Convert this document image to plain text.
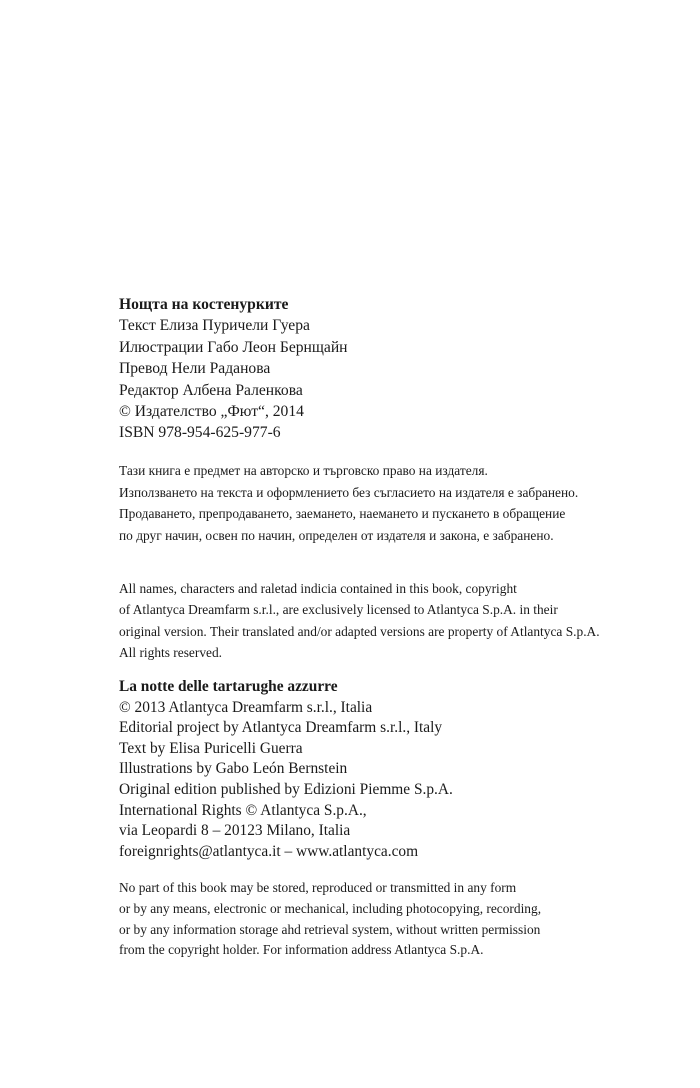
Нощта на костенурките
Текст Елиза Пуричели Гуера
Илюстрации Габо Леон Бернщайн
Превод Нели Раданова
Редактор Албена Раленкова
© Издателство „Фют“, 2014
ISBN 978-954-625-977-6
Тази книга е предмет на авторско и търговско право на издателя.
Използването на текста и оформлението без съгласието на издателя е забранено.
Продаването, препродаването, заемането, наемането и пускането в обращение
по друг начин, освен по начин, определен от издателя и закона, е забранено.
All names, characters and raletad indicia contained in this book, copyright
of Atlantyca Dreamfarm s.r.l., are exclusively licensed to Atlantyca S.p.A. in their
original version. Their translated and/or adapted versions are property of Atlantyca S.p.A.
All rights reserved.
La notte delle tartarughe azzurre
© 2013 Atlantyca Dreamfarm s.r.l., Italia
Editorial project by Atlantyca Dreamfarm s.r.l., Italy
Text by Elisa Puricelli Guerra
Illustrations by Gabo León Bernstein
Original edition published by Edizioni Piemme S.p.A.
International Rights © Atlantyca S.p.A.,
via Leopardi 8 – 20123 Milano, Italia
foreignrights@atlantyca.it – www.atlantyca.com
No part of this book may be stored, reproduced or transmitted in any form
or by any means, electronic or mechanical, including photocopying, recording,
or by any information storage ahd retrieval system, without written permission
from the copyright holder. For information address Atlantyca S.p.A.
